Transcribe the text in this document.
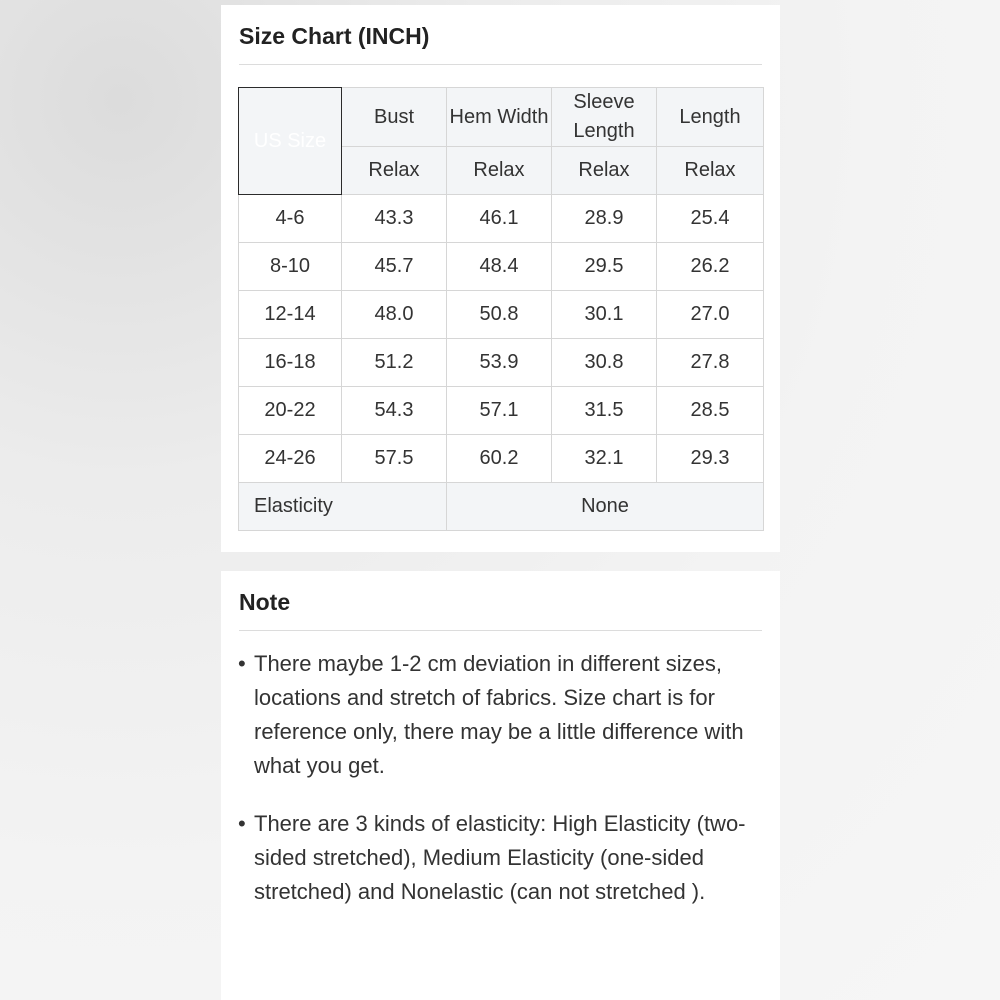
Size Chart (INCH)
US Size	Bust	Hem Width	Sleeve Length	Length
	Relax	Relax	Relax	Relax
4-6	43.3	46.1	28.9	25.4
8-10	45.7	48.4	29.5	26.2
12-14	48.0	50.8	30.1	27.0
16-18	51.2	53.9	30.8	27.8
20-22	54.3	57.1	31.5	28.5
24-26	57.5	60.2	32.1	29.3
Elasticity		None		
Note
• There maybe 1-2 cm deviation in different sizes, locations and stretch of fabrics. Size chart is for reference only, there may be a little difference with what you get.
• There are 3 kinds of elasticity: High Elasticity (two-sided stretched), Medium Elasticity (one-sided stretched) and Nonelastic (can not stretched ).
